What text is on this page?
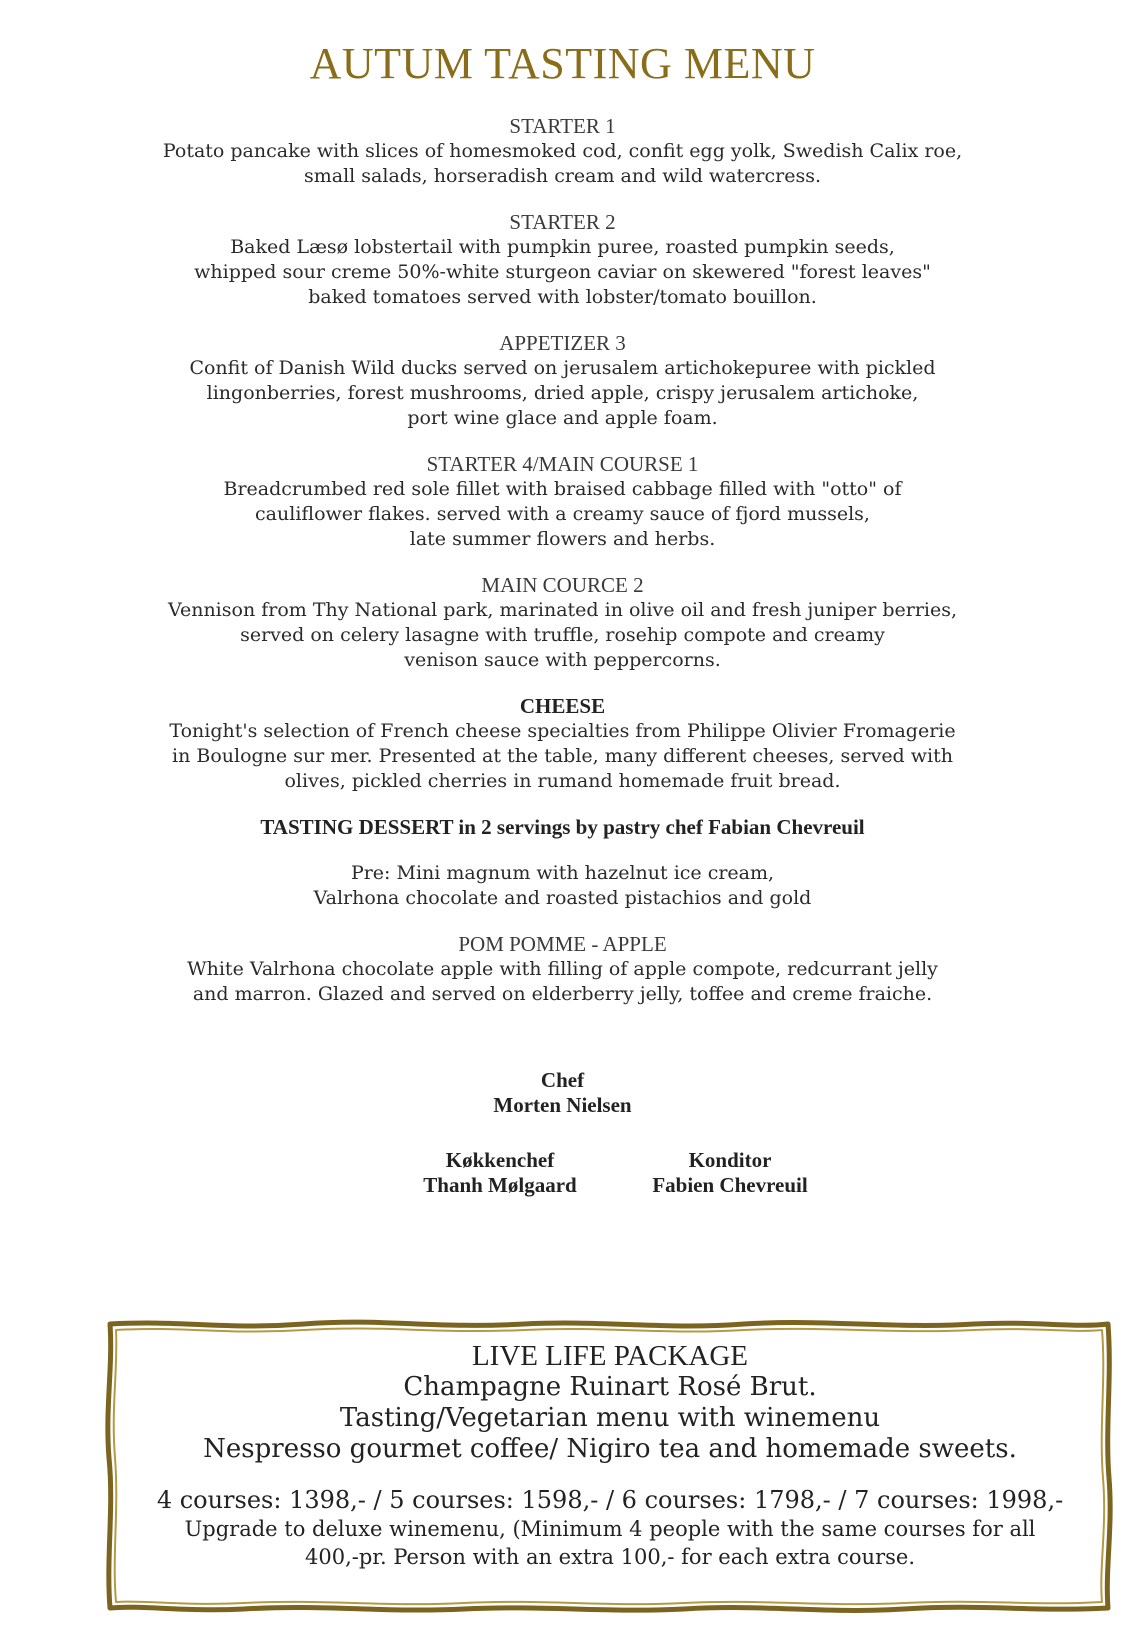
AUTUM TASTING MENU
STARTER 1
Potato pancake with slices of homesmoked cod, confit egg yolk, Swedish Calix roe,
small salads, horseradish cream and wild watercress.
STARTER 2
Baked Læsø lobstertail with pumpkin puree, roasted pumpkin seeds,
whipped sour creme 50%-white sturgeon caviar on skewered "forest leaves"
baked tomatoes served with lobster/tomato bouillon.
APPETIZER 3
Confit of Danish Wild ducks served on jerusalem artichokepuree with pickled
lingonberries, forest mushrooms, dried apple, crispy jerusalem artichoke,
port wine glace and apple foam.
STARTER 4/MAIN COURSE 1
Breadcrumbed red sole fillet with braised cabbage filled with "otto" of
cauliflower flakes. served with a creamy sauce of fjord mussels,
late summer flowers and herbs.
MAIN COURCE 2
Vennison from Thy National park, marinated in olive oil and fresh juniper berries,
served on celery lasagne with truffle, rosehip compote and creamy
venison sauce with peppercorns.
CHEESE
Tonight's selection of French cheese specialties from Philippe Olivier Fromagerie
in Boulogne sur mer. Presented at the table, many different cheeses, served with
olives, pickled cherries in rumand homemade fruit bread.
TASTING DESSERT in 2 servings by pastry chef Fabian Chevreuil
Pre: Mini magnum with hazelnut ice cream,
Valrhona chocolate and roasted pistachios and gold
POM POMME - APPLE
White Valrhona chocolate apple with filling of apple compote, redcurrant jelly
and marron. Glazed and served on elderberry jelly, toffee and creme fraiche.
Chef
Morten Nielsen
Køkkenchef
Thanh Mølgaard
Konditor
Fabien Chevreuil
LIVE LIFE PACKAGE
Champagne Ruinart Rosé Brut.
Tasting/Vegetarian menu with winemenu
Nespresso gourmet coffee/ Nigiro tea and homemade sweets.
4 courses: 1398,- / 5 courses: 1598,- / 6 courses: 1798,- / 7 courses: 1998,-
Upgrade to deluxe winemenu, (Minimum 4 people with the same courses for all
400,-pr. Person with an extra 100,- for each extra course.
